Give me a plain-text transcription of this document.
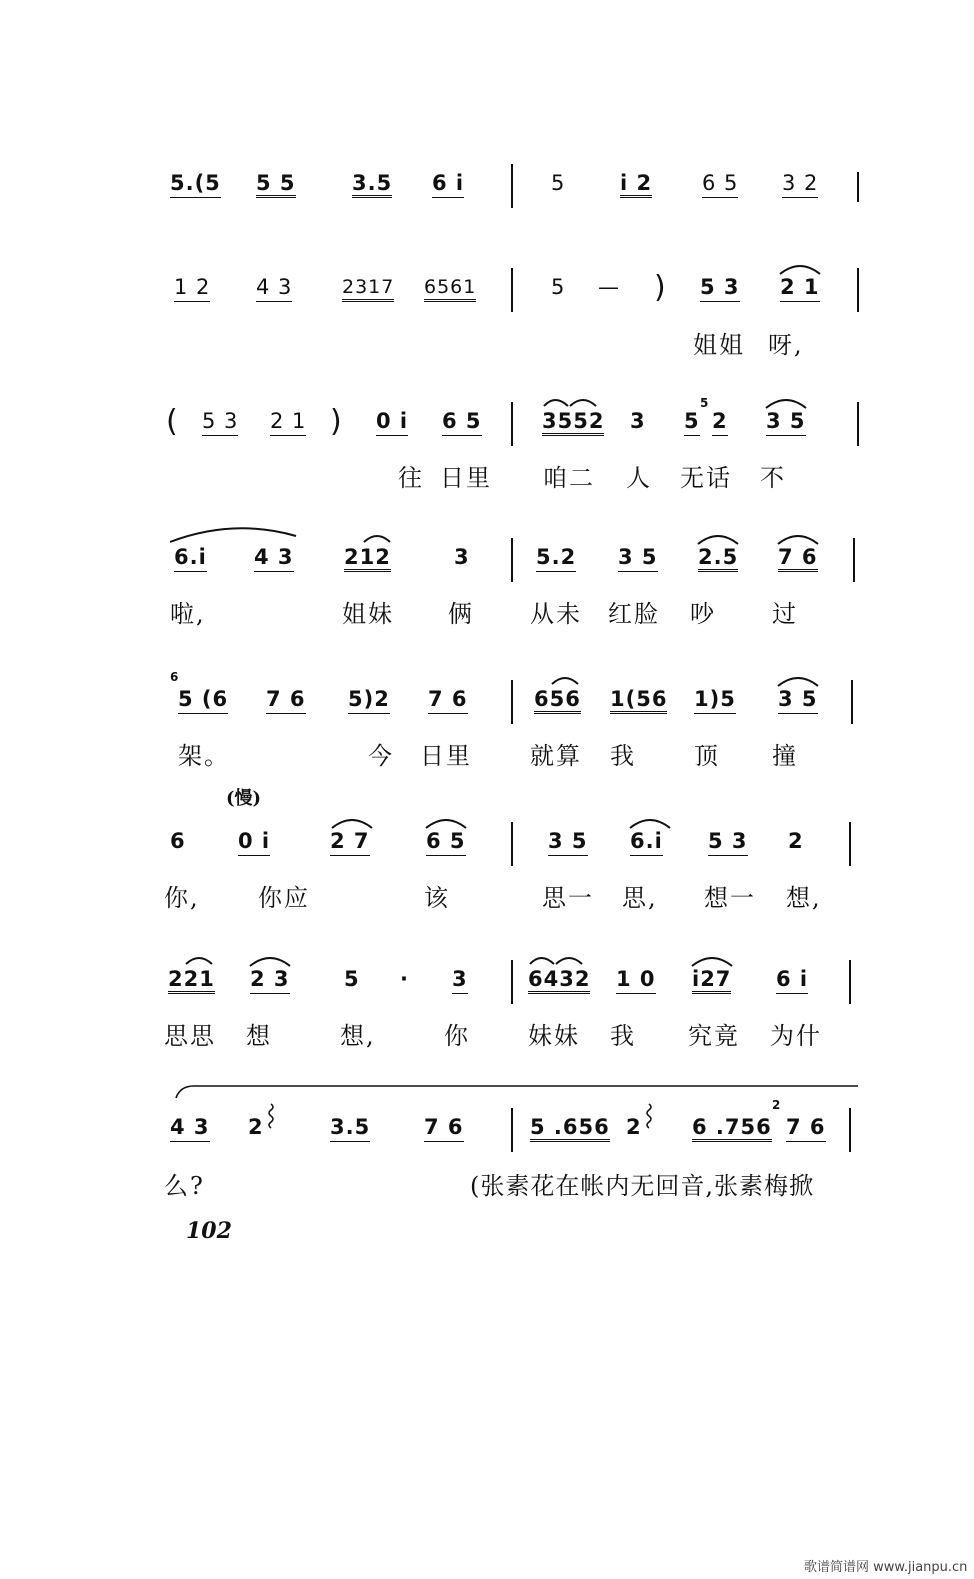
5.(5 5 5	3.5 6 i	5	i 2 6 5 3 2
1 2 4 3	2317 6561	5 — ) 5 3 2 1
姐姐 呀,
( 5 3 2 1 ) 0 i 6 5	3552 3 5
5
2 3 5
往 日里 咱二 人 无话 不
6.i 4 3 212	3	5.2 3 5 2.5 7 6
啦,	姐妹 俩 从未 红脸 吵 过
6
5 (6 7 6 5)2 7 6	656 1(56 1)5 3 5
架。	今 日里 就算 我 顶 撞
(慢)
6 0 i	2 7	6 5	3 5 6.i 5 3 2
你, 你应	该	思一 思, 想一 想,
221 2 3	5 · 3	6432 1 0 i27 6 i
思思 想	想,	你 妹妹 我 究竟 为什
4 3 2	3.5	7 6	5 .656 2 6 .756
2
7 6
么?	(张素花在帐内无回音,张素梅掀
102
歌谱简谱网 www.jianpu.cn
